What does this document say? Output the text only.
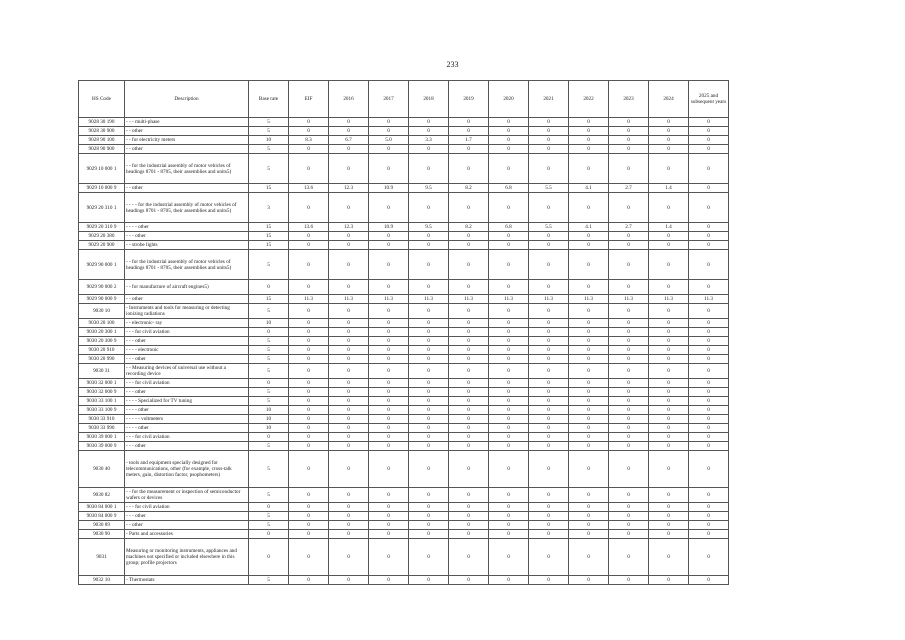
233
HS Code	Description	Base rate	EIF	2016	2017	2018	2019	2020	2021	2022	2023	2024	2025 and subsequent years
9028 30 190	- - - multi-phase	5	0	0	0	0	0	0	0	0	0	0	0
9028 30 900	- - other	5	0	0	0	0	0	0	0	0	0	0	0
9028 90 100	- - for electricity meters	10	8.3	6.7	5.0	3.3	1.7	0	0	0	0	0	0
9028 90 900	- - other	5	0	0	0	0	0	0	0	0	0	0	0
9029 10 000 1	- - for the industrial assembly of motor vehicles of headings 8701 - 8705, their assemblies and units5)	5	0	0	0	0	0	0	0	0	0	0	0
9029 10 000 9	- - other	15	13.6	12.3	10.9	9.5	8.2	6.8	5.5	4.1	2.7	1.4	0
9029 20 310 1	- - - - for the industrial assembly of motor vehicles of headings 8701 - 8705, their assemblies and units5)	3	0	0	0	0	0	0	0	0	0	0	0
9029 20 310 9	- - - - other	15	13.6	12.3	10.9	9.5	8.2	6.8	5.5	4.1	2.7	1.4	0
9029 20 380	- - - other	15	0	0	0	0	0	0	0	0	0	0	0
9029 20 900	- - strobe lights	15	0	0	0	0	0	0	0	0	0	0	0
9029 90 000 1	- - for the industrial assembly of motor vehicles of headings 8701 - 8705, their assemblies and units5)	5	0	0	0	0	0	0	0	0	0	0	0
9029 90 000 2	- - for manufacture of aircraft engines5)	0	0	0	0	0	0	0	0	0	0	0	0
9029 90 000 9	- - other	15	11.3	11.3	11.3	11.3	11.3	11.3	11.3	11.3	11.3	11.3	11.3
9030 10	- Instruments and tools for measuring or detecting ionizing radiations	5	0	0	0	0	0	0	0	0	0	0	0
9030 20 100	- - electronic- ray	10	0	0	0	0	0	0	0	0	0	0	0
9030 20 300 1	- - - for civil aviation	0	0	0	0	0	0	0	0	0	0	0	0
9030 20 300 9	- - - other	5	0	0	0	0	0	0	0	0	0	0	0
9030 20 910	- - - - electronic	5	0	0	0	0	0	0	0	0	0	0	0
9030 20 990	- - - other	5	0	0	0	0	0	0	0	0	0	0	0
9030 31	- - Measuring devices of universal use without a recording device	5	0	0	0	0	0	0	0	0	0	0	0
9030 32 000 1	- - - for civil aviation	0	0	0	0	0	0	0	0	0	0	0	0
9030 32 000 9	- - - other	5	0	0	0	0	0	0	0	0	0	0	0
9030 33 100 1	- - - - Specialized for TV tuning	5	0	0	0	0	0	0	0	0	0	0	0
9030 33 100 9	- - - - other	10	0	0	0	0	0	0	0	0	0	0	0
9030 33 910	- - - - - voltmeters	10	0	0	0	0	0	0	0	0	0	0	0
9030 33 990	- - - - other	10	0	0	0	0	0	0	0	0	0	0	0
9030 39 000 1	- - - for civil aviation	0	0	0	0	0	0	0	0	0	0	0	0
9030 39 000 9	- - - other	5	0	0	0	0	0	0	0	0	0	0	0
9030 40	- tools and equipment specially designed for telecommunications, other (for example, cross-talk meters, gain, distortion factor, psophometers)	5	0	0	0	0	0	0	0	0	0	0	0
9030 82	- - for the measurement or inspection of semiconductor wafers or devices	5	0	0	0	0	0	0	0	0	0	0	0
9030 84 000 1	- - - for civil aviation	0	0	0	0	0	0	0	0	0	0	0	0
9030 84 000 9	- - - other	5	0	0	0	0	0	0	0	0	0	0	0
9030 89	- - other	5	0	0	0	0	0	0	0	0	0	0	0
9030 90	- Parts and accessories	0	0	0	0	0	0	0	0	0	0	0	0
9031	Measuring or monitoring instruments, appliances and machines not specified or included elsewhere in this group; profile projectors	0	0	0	0	0	0	0	0	0	0	0	0
9032 10	- Thermostats	5	0	0	0	0	0	0	0	0	0	0	0
